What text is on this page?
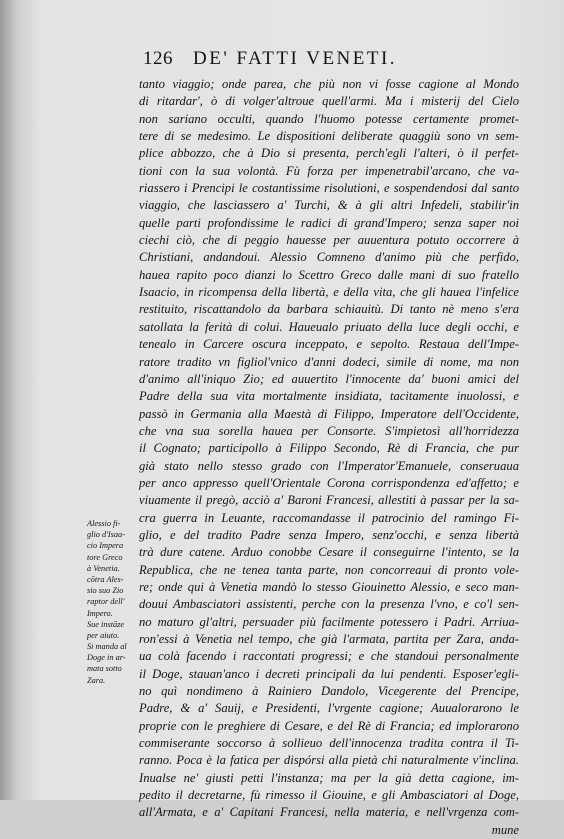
126 DE' FATTI VENETI.
tanto viaggio; onde parea, che più non vi fosse cagione al Mondo
di ritardar', ò di volger'altroue quell'armi. Ma i misterij del Cielo
non sariano occulti, quando l'huomo potesse certamente promet-
tere di se medesimo. Le dispositioni deliberate quaggiù sono vn sem-
plice abbozzo, che à Dio si presenta, perch'egli l'alteri, ò il perfet-
tioni con la sua volontà. Fù forza per impenetrabil'arcano, che va-
riassero i Prencipi le costantissime risolutioni, e sospendendosi dal santo
viaggio, che lasciassero a' Turchi, & à gli altri Infedeli, stabilir'in
quelle parti profondissime le radici di grand'Impero; senza saper noi
ciechi ciò, che di peggio hauesse per auuentura potuto occorrere à
Christiani, andandoui. Alessio Comneno d'animo più che perfido,
hauea rapito poco dianzi lo Scettro Greco dalle mani di suo fratello
Isaacio, in ricompensa della libertà, e della vita, che gli hauea l'infelice
restituito, riscattandolo da barbara schiauitù. Di tanto nè meno s'era
satollata la ferità di colui. Haueualo priuato della luce degli occhi, e
tenealo in Carcere oscura inceppato, e sepolto. Restaua dell'Impe-
ratore tradito vn figliol'vnico d'anni dodeci, simile di nome, ma non
d'animo all'iniquo Zio; ed auuertito l'innocente da' buoni amici del
Padre della sua vita mortalmente insidiata, tacitamente inuolossi, e
passò in Germania alla Maestà di Filippo, Imperatore dell'Occidente,
che vna sua sorella hauea per Consorte. S'impietosì all'horridezza
il Cognato; participollo à Filippo Secondo, Rè di Francia, che pur
già stato nello stesso grado con l'Imperator'Emanuele, conseruaua
per anco appresso quell'Orientale Corona corrispondenza ed'affetto; e
viuamente il pregò, acciò a' Baroni Francesi, allestiti à passar per la sa-
cra guerra in Leuante, raccomandasse il patrocinio del ramingo Fi-
glio, e del tradito Padre senza Impero, senz'occhi, e senza libertà
trà dure catene. Arduo conobbe Cesare il conseguirne l'intento, se la
Republica, che ne tenea tanta parte, non concorreaui di pronto vole-
re; onde qui à Venetia mandò lo stesso Giouinetto Alessio, e seco man-
douui Ambasciatori assistenti, perche con la presenza l'vno, e co'l sen-
no maturo gl'altri, persuader più facilmente potessero i Padri. Arriua-
ron'essi à Venetia nel tempo, che già l'armata, partita per Zara, anda-
ua colà facendo i raccontati progressi; e che standoui personalmente
il Doge, stauan'anco i decreti principali da lui pendenti. Esposer'egli-
no quì nondimeno à Rainiero Dandolo, Vicegerente del Prencipe,
Padre, & a' Sauij, e Presidenti, l'vrgente cagione; Auualorarono le
proprie con le preghiere di Cesare, e del Rè di Francia; ed implorarono
commiserante soccorso à sollieuo dell'innocenza tradita contra il Ti-
ranno. Poca è la fatica per dispórsi alla pietà chi naturalmente v'inclina.
Inualse ne' giusti petti l'instanza; ma per la già detta cagione, im-
pedito il decretarne, fù rimesso il Giouine, e gli Ambasciatori al Doge,
all'Armata, e a' Capitani Francesi, nella materia, e nell'vrgenza com-
mune
Alessio fi-
glio d'Isaa-
cio Impera
tore Greco
à Venetia.
cōtra Ales-
sio suo Zio
raptor dell'
Impero.
Sue instāze
per aiuto.
Si manda al
Doge in ar-
mata sotto
Zara.
